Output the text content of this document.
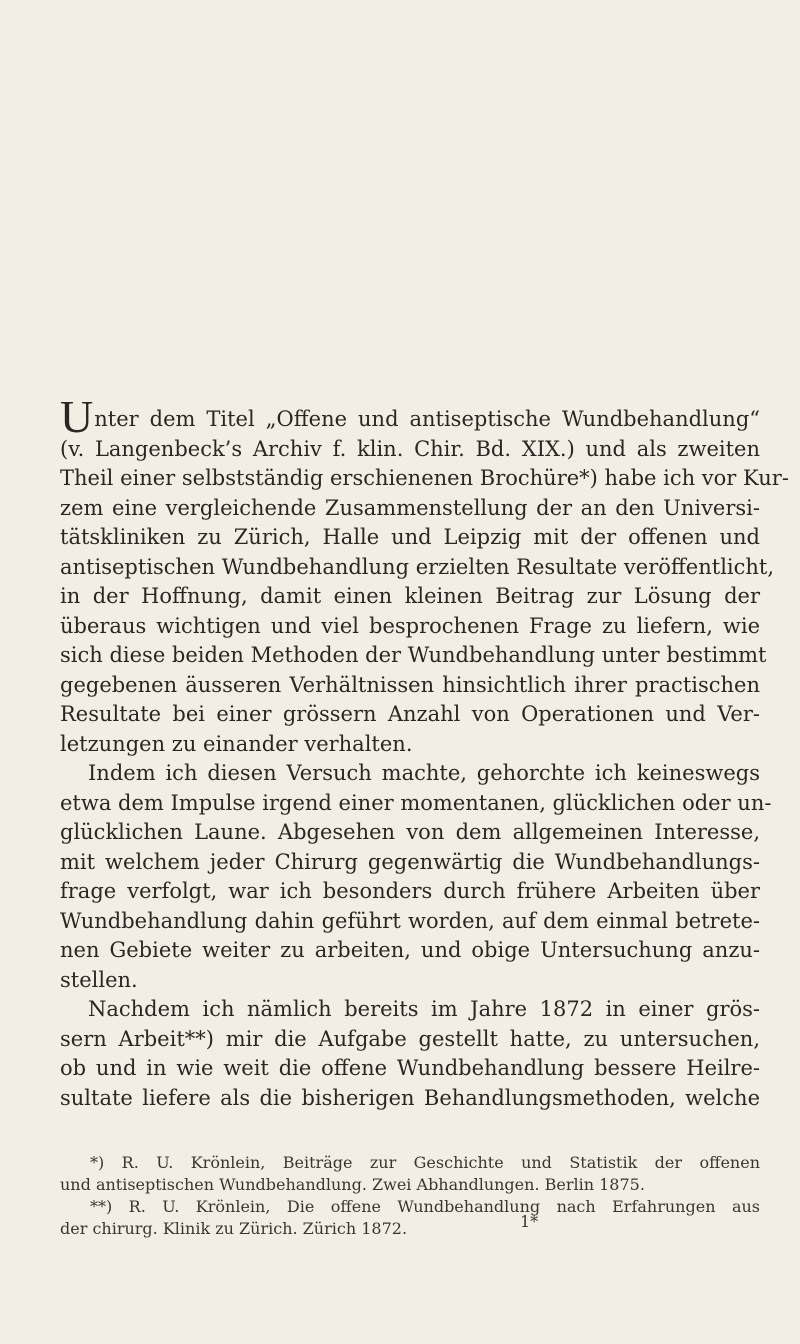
Unter dem Titel „Offene und antiseptische Wundbehandlung“
(v. Langenbeck’s Archiv f. klin. Chir. Bd. XIX.) und als zweiten
Theil einer selbstständig erschienenen Brochüre*) habe ich vor Kur-
zem eine vergleichende Zusammenstellung der an den Universi-
tätskliniken zu Zürich, Halle und Leipzig mit der offenen und
antiseptischen Wundbehandlung erzielten Resultate veröffentlicht,
in der Hoffnung, damit einen kleinen Beitrag zur Lösung der
überaus wichtigen und viel besprochenen Frage zu liefern, wie
sich diese beiden Methoden der Wundbehandlung unter bestimmt
gegebenen äusseren Verhältnissen hinsichtlich ihrer practischen
Resultate bei einer grössern Anzahl von Operationen und Ver-
letzungen zu einander verhalten.

Indem ich diesen Versuch machte, gehorchte ich keineswegs
etwa dem Impulse irgend einer momentanen, glücklichen oder un-
glücklichen Laune. Abgesehen von dem allgemeinen Interesse,
mit welchem jeder Chirurg gegenwärtig die Wundbehandlungs-
frage verfolgt, war ich besonders durch frühere Arbeiten über
Wundbehandlung dahin geführt worden, auf dem einmal betrete-
nen Gebiete weiter zu arbeiten, und obige Untersuchung anzu-
stellen.

Nachdem ich nämlich bereits im Jahre 1872 in einer grös-
sern Arbeit**) mir die Aufgabe gestellt hatte, zu untersuchen,
ob und in wie weit die offene Wundbehandlung bessere Heilre-
sultate liefere als die bisherigen Behandlungsmethoden, welche

*) R. U. Krönlein, Beiträge zur Geschichte und Statistik der offenen
und antiseptischen Wundbehandlung. Zwei Abhandlungen. Berlin 1875.
**) R. U. Krönlein, Die offene Wundbehandlung nach Erfahrungen aus
der chirurg. Klinik zu Zürich. Zürich 1872.	1*
